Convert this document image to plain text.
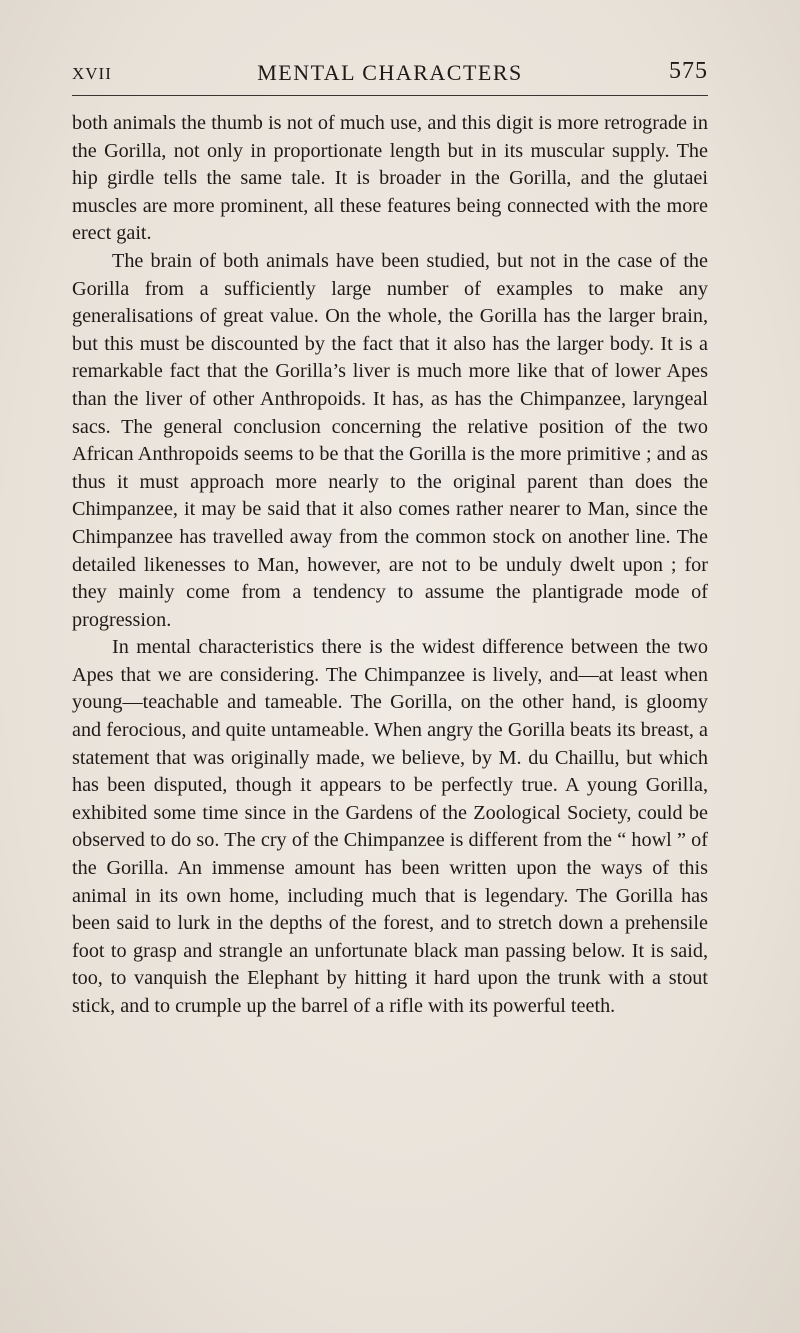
XVII	MENTAL CHARACTERS	575

both animals the thumb is not of much use, and this digit is more retrograde in the Gorilla, not only in proportionate length but in its muscular supply. The hip girdle tells the same tale. It is broader in the Gorilla, and the glutaei muscles are more prominent, all these features being connected with the more erect gait.

The brain of both animals have been studied, but not in the case of the Gorilla from a sufficiently large number of examples to make any generalisations of great value. On the whole, the Gorilla has the larger brain, but this must be discounted by the fact that it also has the larger body. It is a remarkable fact that the Gorilla’s liver is much more like that of lower Apes than the liver of other Anthropoids. It has, as has the Chimpanzee, laryngeal sacs. The general conclusion concerning the relative position of the two African Anthropoids seems to be that the Gorilla is the more primitive ; and as thus it must approach more nearly to the original parent than does the Chimpanzee, it may be said that it also comes rather nearer to Man, since the Chimpanzee has travelled away from the common stock on another line. The detailed likenesses to Man, however, are not to be unduly dwelt upon ; for they mainly come from a tendency to assume the plantigrade mode of progression.

In mental characteristics there is the widest difference between the two Apes that we are considering. The Chimpanzee is lively, and—at least when young—teachable and tameable. The Gorilla, on the other hand, is gloomy and ferocious, and quite untameable. When angry the Gorilla beats its breast, a statement that was originally made, we believe, by M. du Chaillu, but which has been disputed, though it appears to be perfectly true. A young Gorilla, exhibited some time since in the Gardens of the Zoological Society, could be observed to do so. The cry of the Chimpanzee is different from the “ howl ” of the Gorilla. An immense amount has been written upon the ways of this animal in its own home, including much that is legendary. The Gorilla has been said to lurk in the depths of the forest, and to stretch down a prehensile foot to grasp and strangle an unfortunate black man passing below. It is said, too, to vanquish the Elephant by hitting it hard upon the trunk with a stout stick, and to crumple up the barrel of a rifle with its powerful teeth.
